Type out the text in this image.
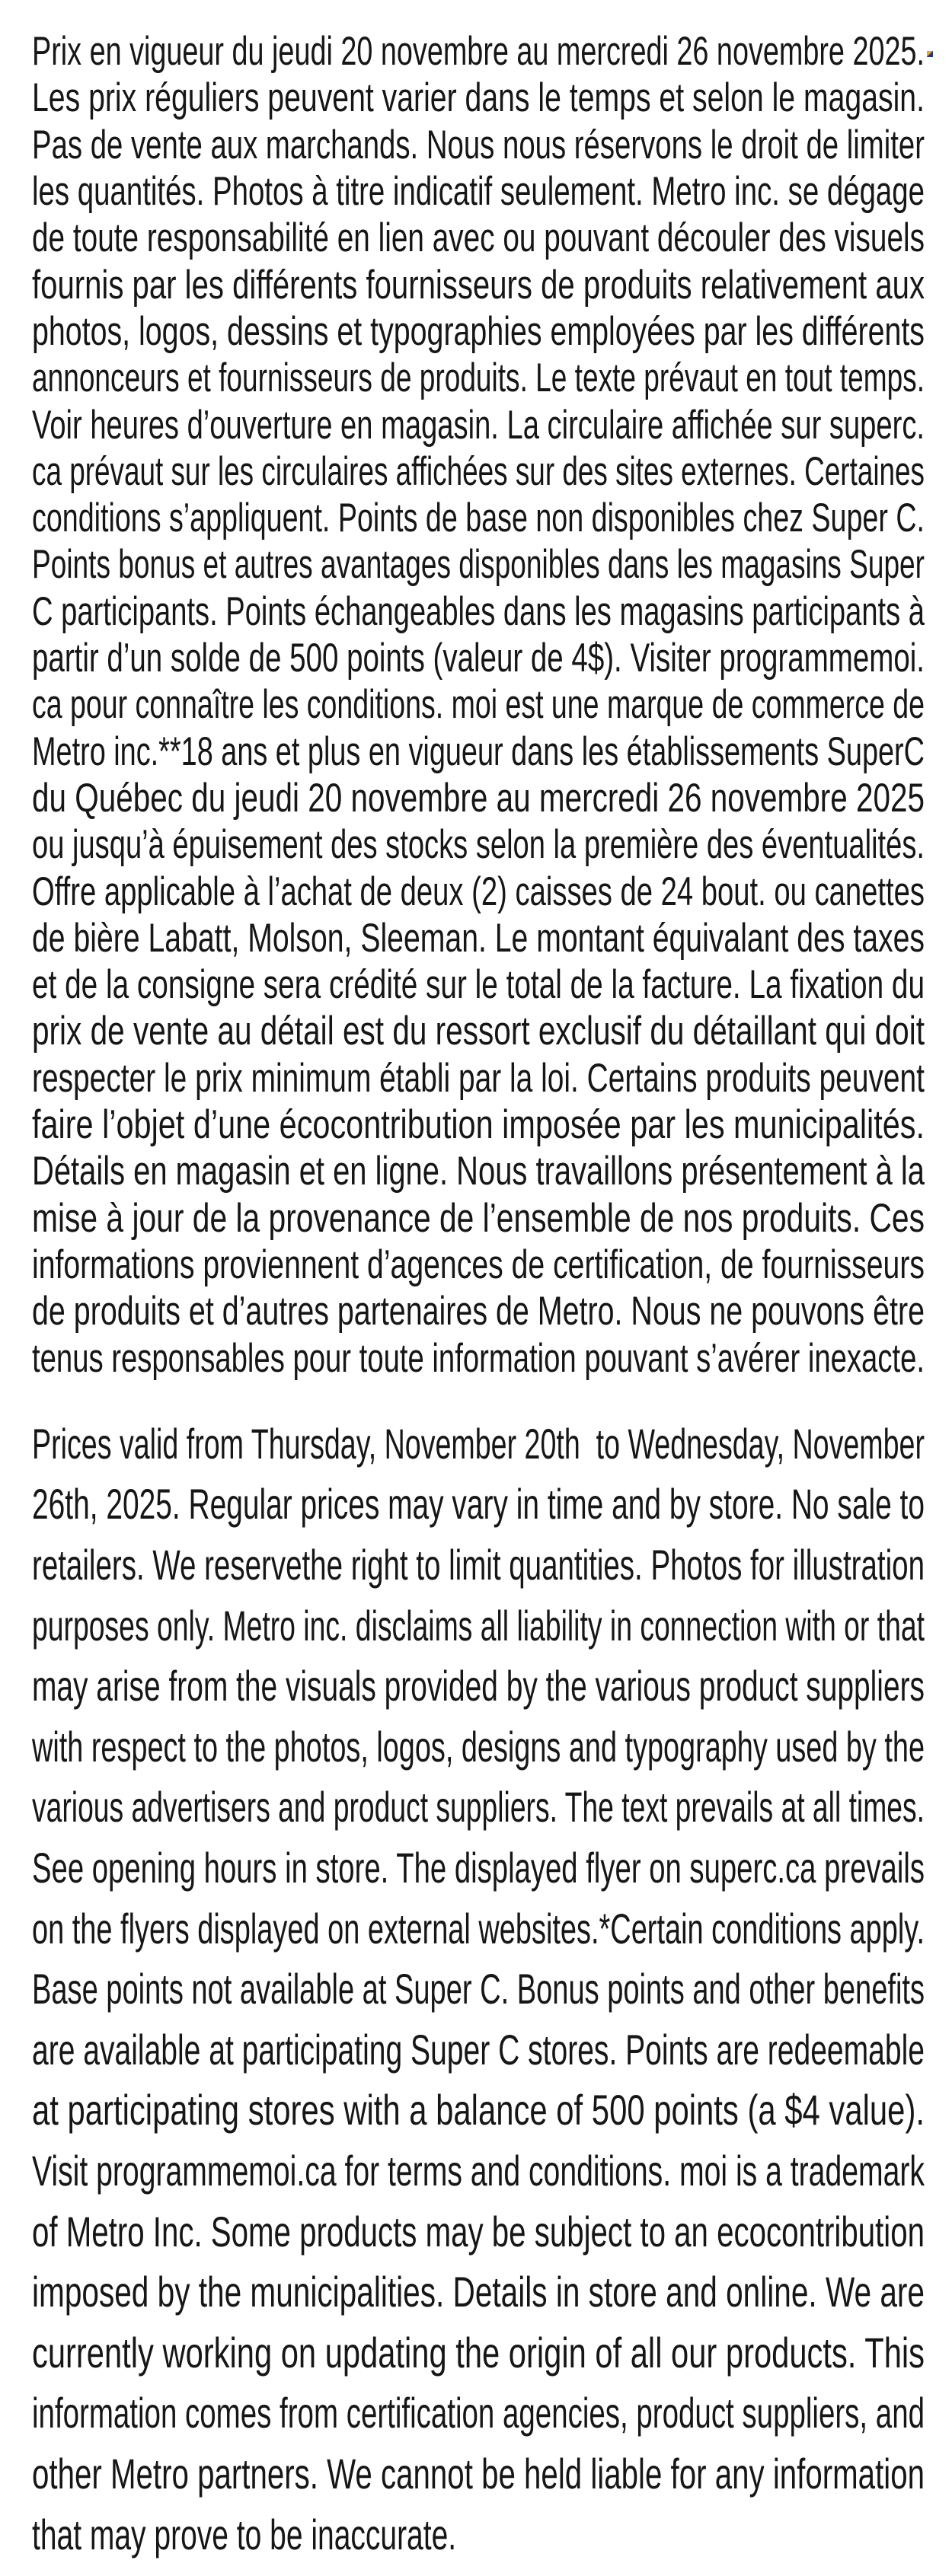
Prix en vigueur du jeudi 20 novembre au mercredi 26 novembre 2025.
Les prix réguliers peuvent varier dans le temps et selon le magasin.
Pas de vente aux marchands. Nous nous réservons le droit de limiter
les quantités. Photos à titre indicatif seulement. Metro inc. se dégage
de toute responsabilité en lien avec ou pouvant découler des visuels
fournis par les différents fournisseurs de produits relativement aux
photos, logos, dessins et typographies employées par les différents
annonceurs et fournisseurs de produits. Le texte prévaut en tout temps.
Voir heures d’ouverture en magasin. La circulaire affichée sur superc.
ca prévaut sur les circulaires affichées sur des sites externes. Certaines
conditions s’appliquent. Points de base non disponibles chez Super C.
Points bonus et autres avantages disponibles dans les magasins Super
C participants. Points échangeables dans les magasins participants à
partir d’un solde de 500 points (valeur de 4$). Visiter programmemoi.
ca pour connaître les conditions. moi est une marque de commerce de
Metro inc.**18 ans et plus en vigueur dans les établissements SuperC
du Québec du jeudi 20 novembre au mercredi 26 novembre 2025
ou jusqu’à épuisement des stocks selon la première des éventualités.
Offre applicable à l’achat de deux (2) caisses de 24 bout. ou canettes
de bière Labatt, Molson, Sleeman. Le montant équivalant des taxes
et de la consigne sera crédité sur le total de la facture. La fixation du
prix de vente au détail est du ressort exclusif du détaillant qui doit
respecter le prix minimum établi par la loi. Certains produits peuvent
faire l’objet d’une écocontribution imposée par les municipalités.
Détails en magasin et en ligne. Nous travaillons présentement à la
mise à jour de la provenance de l’ensemble de nos produits. Ces
informations proviennent d’agences de certification, de fournisseurs
de produits et d’autres partenaires de Metro. Nous ne pouvons être
tenus responsables pour toute information pouvant s’avérer inexacte.
Prices valid from Thursday, November 20th  to Wednesday, November
26th, 2025. Regular prices may vary in time and by store. No sale to
retailers. We reservethe right to limit quantities. Photos for illustration
purposes only. Metro inc. disclaims all liability in connection with or that
may arise from the visuals provided by the various product suppliers
with respect to the photos, logos, designs and typography used by the
various advertisers and product suppliers. The text prevails at all times.
See opening hours in store. The displayed flyer on superc.ca prevails
on the flyers displayed on external websites.*Certain conditions apply.
Base points not available at Super C. Bonus points and other benefits
are available at participating Super C stores. Points are redeemable
at participating stores with a balance of 500 points (a $4 value).
Visit programmemoi.ca for terms and conditions. moi is a trademark
of Metro Inc. Some products may be subject to an ecocontribution
imposed by the municipalities. Details in store and online. We are
currently working on updating the origin of all our products. This
information comes from certification agencies, product suppliers, and
other Metro partners. We cannot be held liable for any information
that may prove to be inaccurate.
